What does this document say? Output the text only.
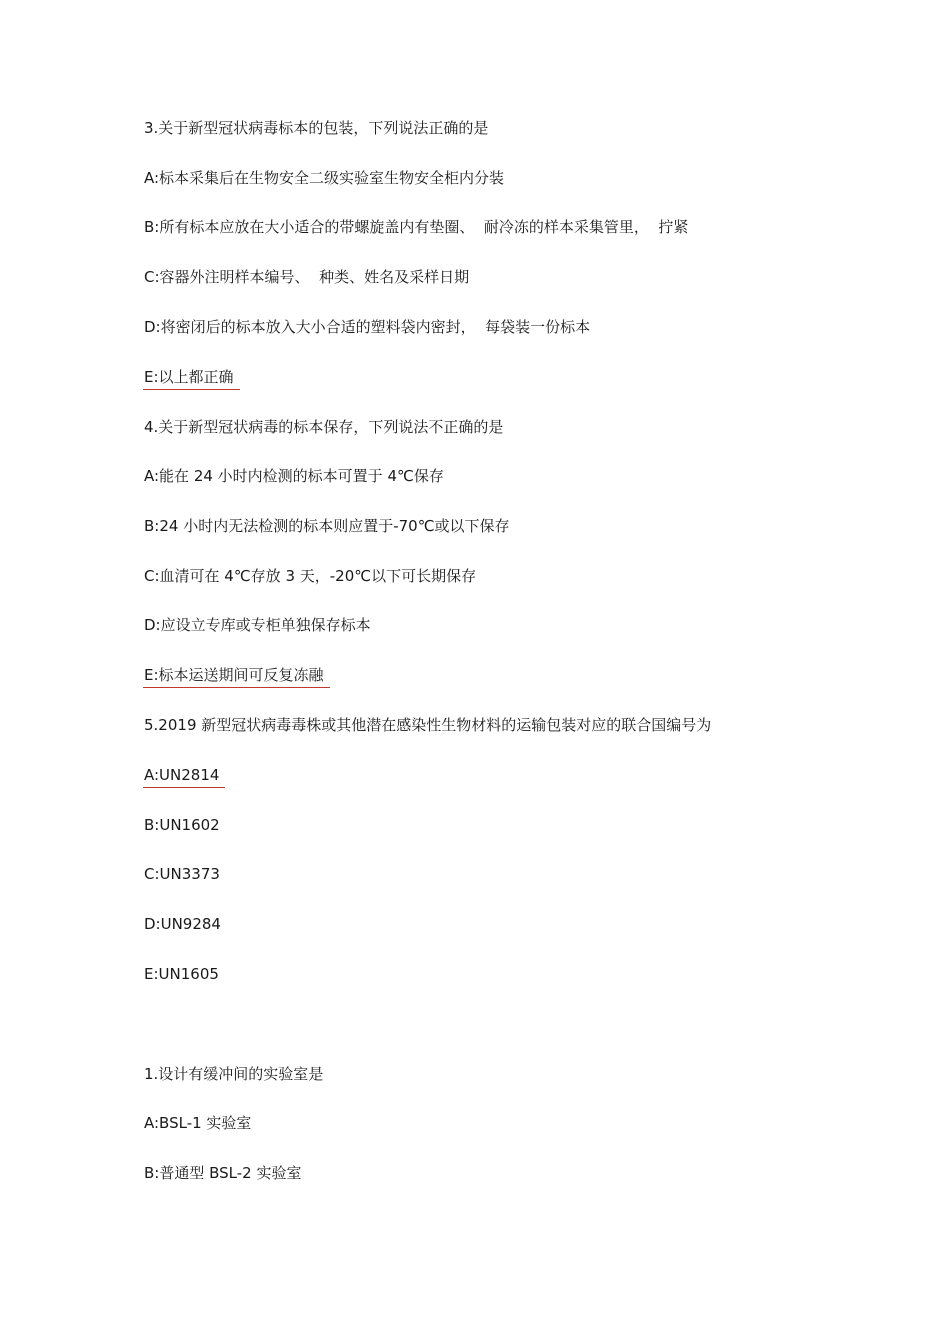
3.关于新型冠状病毒标本的包装，下列说法正确的是
A:标本采集后在生物安全二级实验室生物安全柜内分装
B:所有标本应放在大小适合的带螺旋盖内有垫圈、  耐冷冻的样本采集管里，  拧紧
C:容器外注明样本编号、  种类、姓名及采样日期
D:将密闭后的标本放入大小合适的塑料袋内密封，  每袋装一份标本
E:以上都正确
4.关于新型冠状病毒的标本保存，下列说法不正确的是
A:能在 24 小时内检测的标本可置于 4℃保存
B:24 小时内无法检测的标本则应置于-70℃或以下保存
C:血清可在 4℃存放 3 天，-20℃以下可长期保存
D:应设立专库或专柜单独保存标本
E:标本运送期间可反复冻融
5.2019 新型冠状病毒毒株或其他潜在感染性生物材料的运输包装对应的联合国编号为
A:UN2814
B:UN1602
C:UN3373
D:UN9284
E:UN1605
1.设计有缓冲间的实验室是
A:BSL-1 实验室
B:普通型 BSL-2 实验室
